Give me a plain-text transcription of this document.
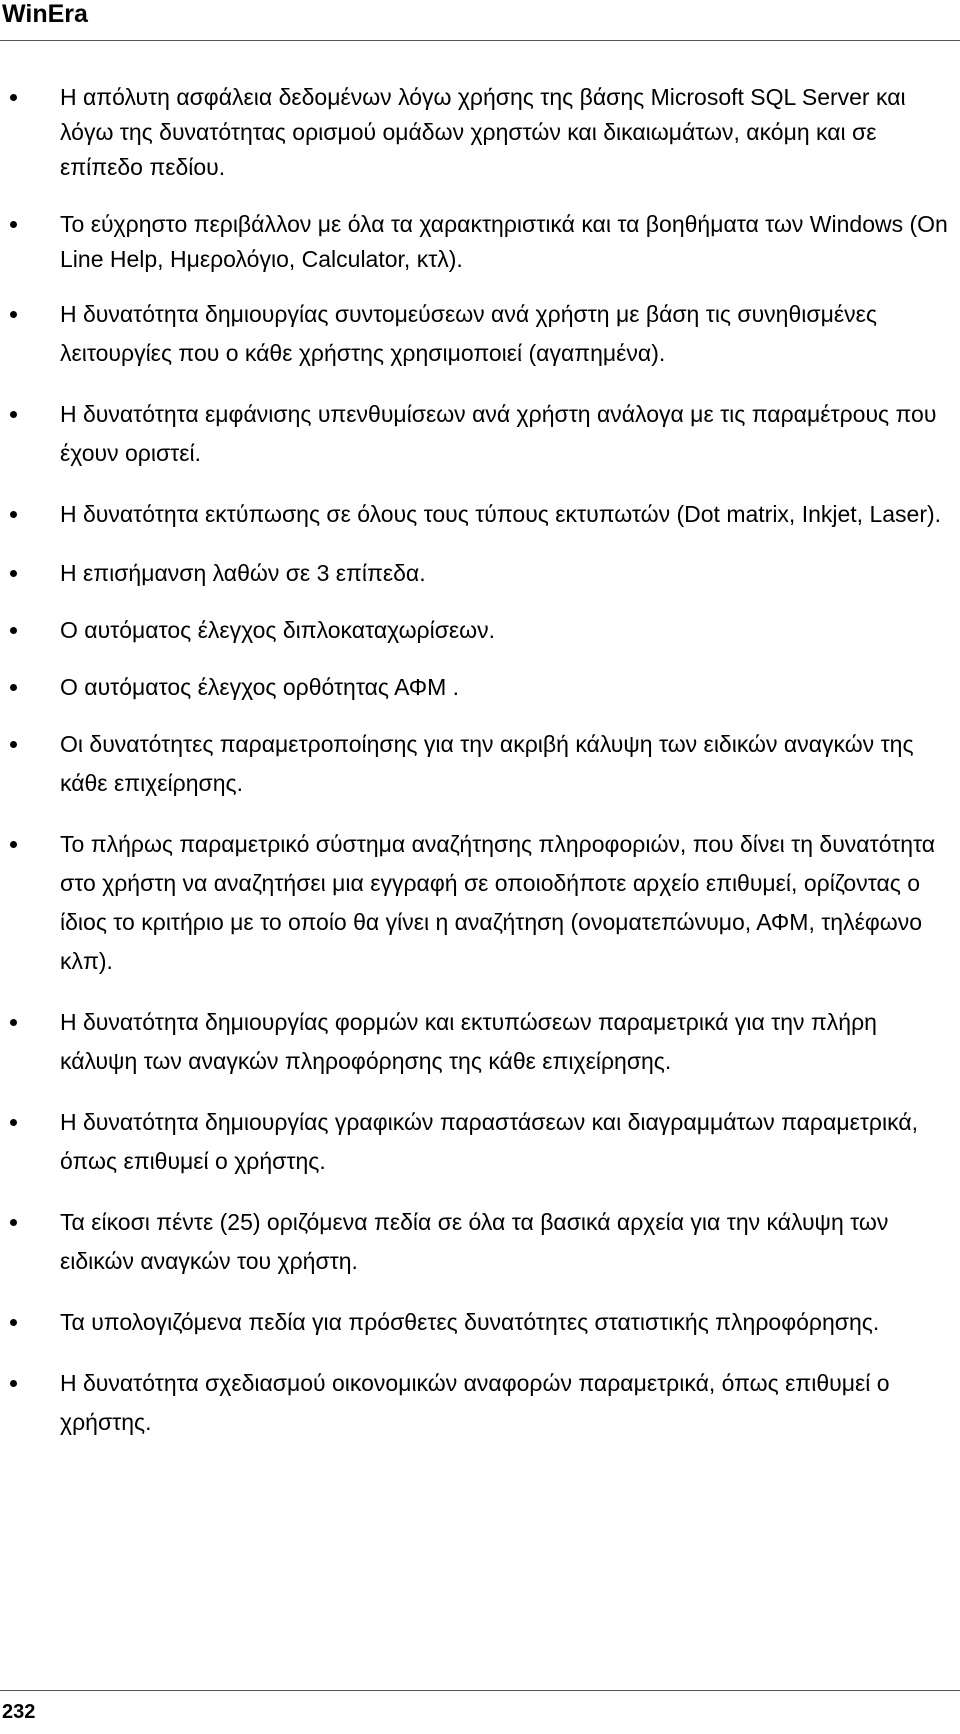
WinEra
Η απόλυτη ασφάλεια δεδομένων λόγω χρήσης της βάσης Microsoft SQL Server και λόγω της δυνατότητας ορισμού ομάδων χρηστών και δικαιωμάτων, ακόμη και σε επίπεδο πεδίου.
Το εύχρηστο περιβάλλον με όλα τα χαρακτηριστικά και τα βοηθήματα των Windows (On Line Help, Ημερολόγιο, Calculator, κτλ).
Η δυνατότητα δημιουργίας συντομεύσεων ανά χρήστη με βάση τις συνηθισμένες λειτουργίες που ο κάθε χρήστης χρησιμοποιεί (αγαπημένα).
Η δυνατότητα εμφάνισης υπενθυμίσεων ανά χρήστη ανάλογα με τις παραμέτρους που έχουν οριστεί.
Η δυνατότητα εκτύπωσης σε όλους τους τύπους εκτυπωτών (Dot matrix, Inkjet, Laser).
Η επισήμανση λαθών σε 3 επίπεδα.
Ο αυτόματος έλεγχος διπλοκαταχωρίσεων.
Ο αυτόματος έλεγχος ορθότητας ΑΦΜ .
Οι δυνατότητες παραμετροποίησης για την ακριβή κάλυψη των ειδικών αναγκών της κάθε επιχείρησης.
Το πλήρως παραμετρικό σύστημα αναζήτησης πληροφοριών, που δίνει τη δυνατότητα στο χρήστη να αναζητήσει μια εγγραφή σε οποιοδήποτε αρχείο επιθυμεί, ορίζοντας ο ίδιος το κριτήριο με το οποίο θα γίνει η αναζήτηση (ονοματεπώνυμο, ΑΦΜ, τηλέφωνο κλπ).
Η δυνατότητα δημιουργίας φορμών και εκτυπώσεων παραμετρικά για την πλήρη κάλυψη των αναγκών πληροφόρησης της κάθε επιχείρησης.
Η δυνατότητα δημιουργίας γραφικών παραστάσεων και διαγραμμάτων παραμετρικά, όπως επιθυμεί ο χρήστης.
Τα είκοσι πέντε (25) οριζόμενα πεδία σε όλα τα βασικά αρχεία για την κάλυψη των ειδικών αναγκών του χρήστη.
Τα υπολογιζόμενα πεδία για πρόσθετες δυνατότητες στατιστικής πληροφόρησης.
Η δυνατότητα σχεδιασμού οικονομικών αναφορών παραμετρικά, όπως επιθυμεί ο χρήστης.
232
